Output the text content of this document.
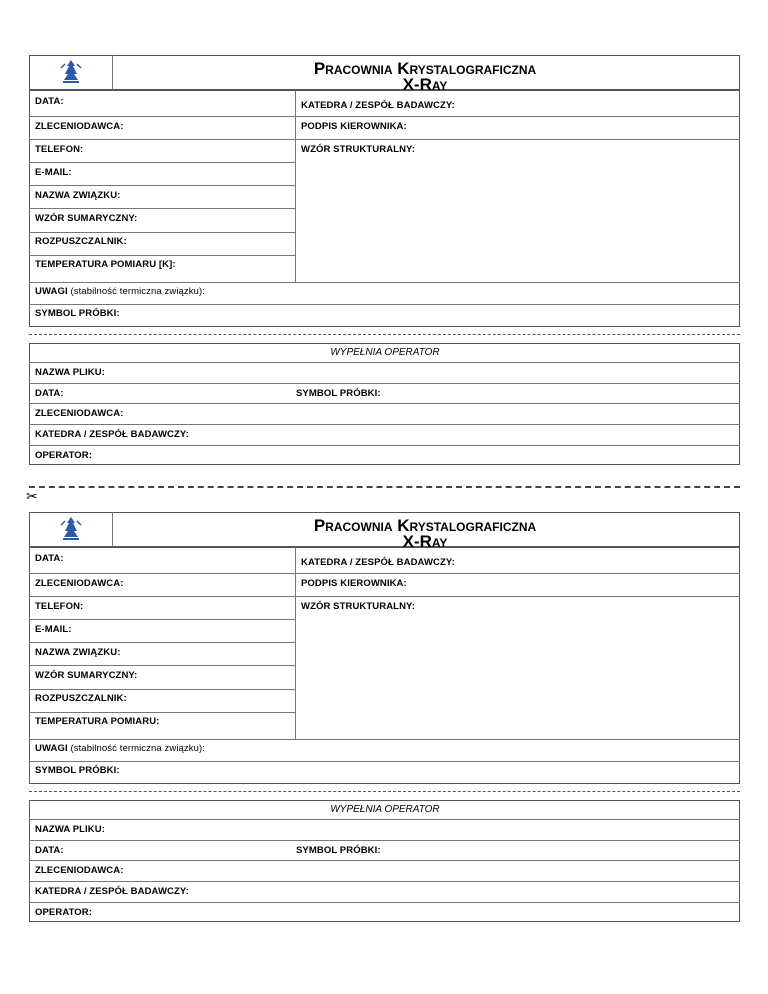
Pracownia Krystalograficzna
X-Ray
DATA:	KATEDRA / ZESPÓŁ BADAWCZY:
ZLECENIODAWCA:	PODPIS KIEROWNIKA:
TELEFON:	WZÓR STRUKTURALNY:
E-MAIL:
NAZWA ZWIĄZKU:
WZÓR SUMARYCZNY:
ROZPUSZCZALNIK:
TEMPERATURA POMIARU [K]:
UWAGI (stabilność termiczna związku):
SYMBOL PRÓBKI:
WYPEŁNIA OPERATOR
NAZWA PLIKU:
DATA:	SYMBOL PRÓBKI:
ZLECENIODAWCA:
KATEDRA / ZESPÓŁ BADAWCZY:
OPERATOR:
✂
Pracownia Krystalograficzna
X-Ray
DATA:	KATEDRA / ZESPÓŁ BADAWCZY:
ZLECENIODAWCA:	PODPIS KIEROWNIKA:
TELEFON:	WZÓR STRUKTURALNY:
E-MAIL:
NAZWA ZWIĄZKU:
WZÓR SUMARYCZNY:
ROZPUSZCZALNIK:
TEMPERATURA POMIARU:
UWAGI (stabilność termiczna związku):
SYMBOL PRÓBKI:
WYPEŁNIA OPERATOR
NAZWA PLIKU:
DATA:	SYMBOL PRÓBKI:
ZLECENIODAWCA:
KATEDRA / ZESPÓŁ BADAWCZY:
OPERATOR:
